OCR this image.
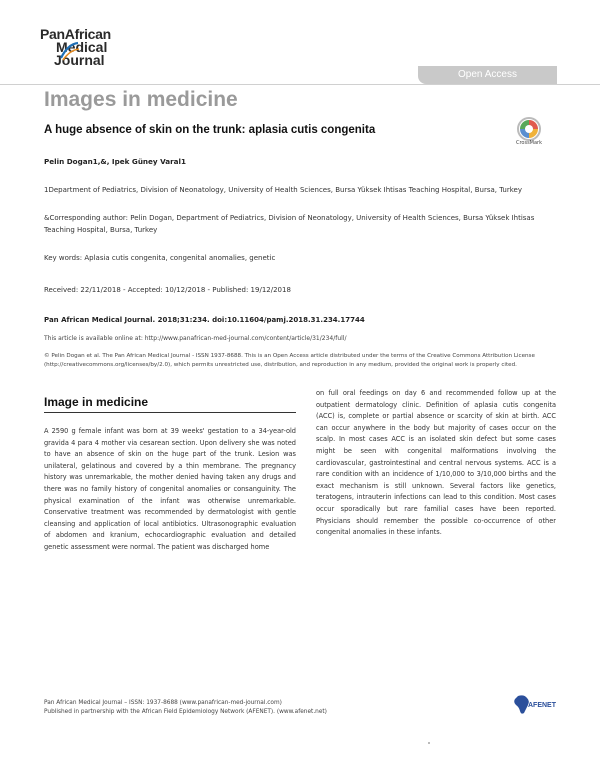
PanAfrican
Medical
Journal
Open Access
Images in medicine
A huge absence of skin on the trunk: aplasia cutis congenita
CrossMark
Pelin Dogan1,&, Ipek Güney Varal1
1Department of Pediatrics, Division of Neonatology, University of Health Sciences, Bursa Yüksek Ihtisas Teaching Hospital, Bursa, Turkey
&Corresponding author: Pelin Dogan, Department of Pediatrics, Division of Neonatology, University of Health Sciences, Bursa Yüksek Ihtisas Teaching Hospital, Bursa, Turkey
Key words: Aplasia cutis congenita, congenital anomalies, genetic
Received: 22/11/2018 - Accepted: 10/12/2018 - Published: 19/12/2018
Pan African Medical Journal. 2018;31:234. doi:10.11604/pamj.2018.31.234.17744
This article is available online at: http://www.panafrican-med-journal.com/content/article/31/234/full/
© Pelin Dogan et al. The Pan African Medical Journal - ISSN 1937-8688. This is an Open Access article distributed under the terms of the Creative Commons Attribution License (http://creativecommons.org/licenses/by/2.0), which permits unrestricted use, distribution, and reproduction in any medium, provided the original work is properly cited.
Image in medicine
A 2590 g female infant was born at 39 weeks' gestation to a 34-year-old gravida 4 para 4 mother via cesarean section. Upon delivery she was noted to have an absence of skin on the huge part of the trunk. Lesion was unilateral, gelatinous and covered by a thin membrane. The pregnancy history was unremarkable, the mother denied having taken any drugs and there was no family history of congenital anomalies or consanguinity. The physical examination of the infant was otherwise unremarkable. Conservative treatment was recommended by dermatologist with gentle cleansing and application of local antibiotics. Ultrasonographic evaluation of abdomen and kranium, echocardiographic evaluation and detailed genetic assessment were normal. The patient was discharged home
on full oral feedings on day 6 and recommended follow up at the outpatient dermatology clinic. Definition of aplasia cutis congenita (ACC) is, complete or partial absence or scarcity of skin at birth. ACC can occur anywhere in the body but majority of cases occur on the scalp. In most cases ACC is an isolated skin defect but some cases might be seen with congenital malformations involving the cardiovascular, gastrointestinal and central nervous systems. ACC is a rare condition with an incidence of 1/10,000 to 3/10,000 births and the exact mechanism is still unknown. Several factors like genetics, teratogens, intrauterin infections can lead to this condition. Most cases occur sporadically but rare familial cases have been reported. Physicians should remember the possible co-occurrence of other congenital anomalies in these infants.
Pan African Medical Journal – ISSN: 1937-8688 (www.panafrican-med-journal.com)
Published in partnership with the African Field Epidemiology Network (AFENET). (www.afenet.net)
AFENET
